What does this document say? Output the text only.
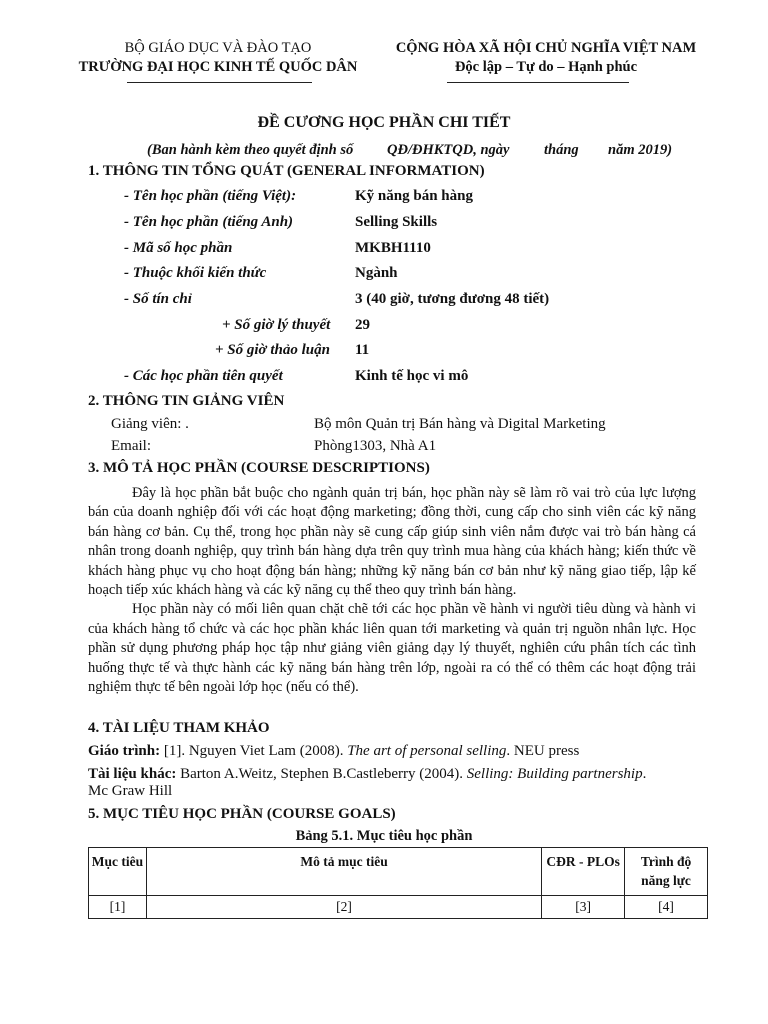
BỘ GIÁO DỤC VÀ ĐÀO TẠO
TRƯỜNG ĐẠI HỌC KINH TẾ QUỐC DÂN
CỘNG HÒA XÃ HỘI CHỦ NGHĨA VIỆT NAM
Độc lập – Tự do – Hạnh phúc
ĐỀ CƯƠNG HỌC PHẦN CHI TIẾT
(Ban hành kèm theo quyết định số QĐ/ĐHKTQD, ngày tháng năm 2019)
1. THÔNG TIN TỔNG QUÁT (GENERAL INFORMATION)
- Tên học phần (tiếng Việt):	Kỹ năng bán hàng
- Tên học phần (tiếng Anh)	Selling Skills
- Mã số học phần	MKBH1110
- Thuộc khối kiến thức	Ngành
- Số tín chỉ	3 (40 giờ, tương đương 48 tiết)
+ Số giờ lý thuyết 29
+ Số giờ thảo luận 11
- Các học phần tiên quyết	Kinh tế học vi mô
2. THÔNG TIN GIẢNG VIÊN
Giảng viên: .	Bộ môn Quản trị Bán hàng và Digital Marketing
Email:	Phòng1303, Nhà A1
3. MÔ TẢ HỌC PHẦN (COURSE DESCRIPTIONS)

Đây là học phần bắt buộc cho ngành quản trị bán, học phần này sẽ làm rõ vai trò của lực lượng bán của doanh nghiệp đối với các hoạt động marketing; đồng thời, cung cấp cho sinh viên các kỹ năng bán hàng cơ bản. Cụ thể, trong học phần này sẽ cung cấp giúp sinh viên nắm được vai trò bán hàng cá nhân trong doanh nghiệp, quy trình bán hàng dựa trên quy trình mua hàng của khách hàng; kiến thức về khách hàng phục vụ cho hoạt động bán hàng; những kỹ năng bán cơ bản như kỹ năng giao tiếp, lập kế hoạch tiếp xúc khách hàng và các kỹ năng cụ thể theo quy trình bán hàng.

Học phần này có mối liên quan chặt chẽ tới các học phần về hành vi người tiêu dùng và hành vi của khách hàng tổ chức và các học phần khác liên quan tới marketing và quản trị nguồn nhân lực. Học phần sử dụng phương pháp học tập như giảng viên giảng dạy lý thuyết, nghiên cứu phân tích các tình huống thực tế và thực hành các kỹ năng bán hàng trên lớp, ngoài ra có thể có thêm các hoạt động trải nghiệm thực tế bên ngoài lớp học (nếu có thể).

4. TÀI LIỆU THAM KHẢO
Giáo trình: [1]. Nguyen Viet Lam (2008). The art of personal selling. NEU press
Tài liệu khác: Barton A.Weitz, Stephen B.Castleberry (2004). Selling: Building partnership.
Mc Graw Hill
5. MỤC TIÊU HỌC PHẦN (COURSE GOALS)
Bảng 5.1. Mục tiêu học phần
Mục tiêu	Mô tả mục tiêu	CĐR - PLOs	Trình độ năng lực
[1]	[2]	[3]	[4]
